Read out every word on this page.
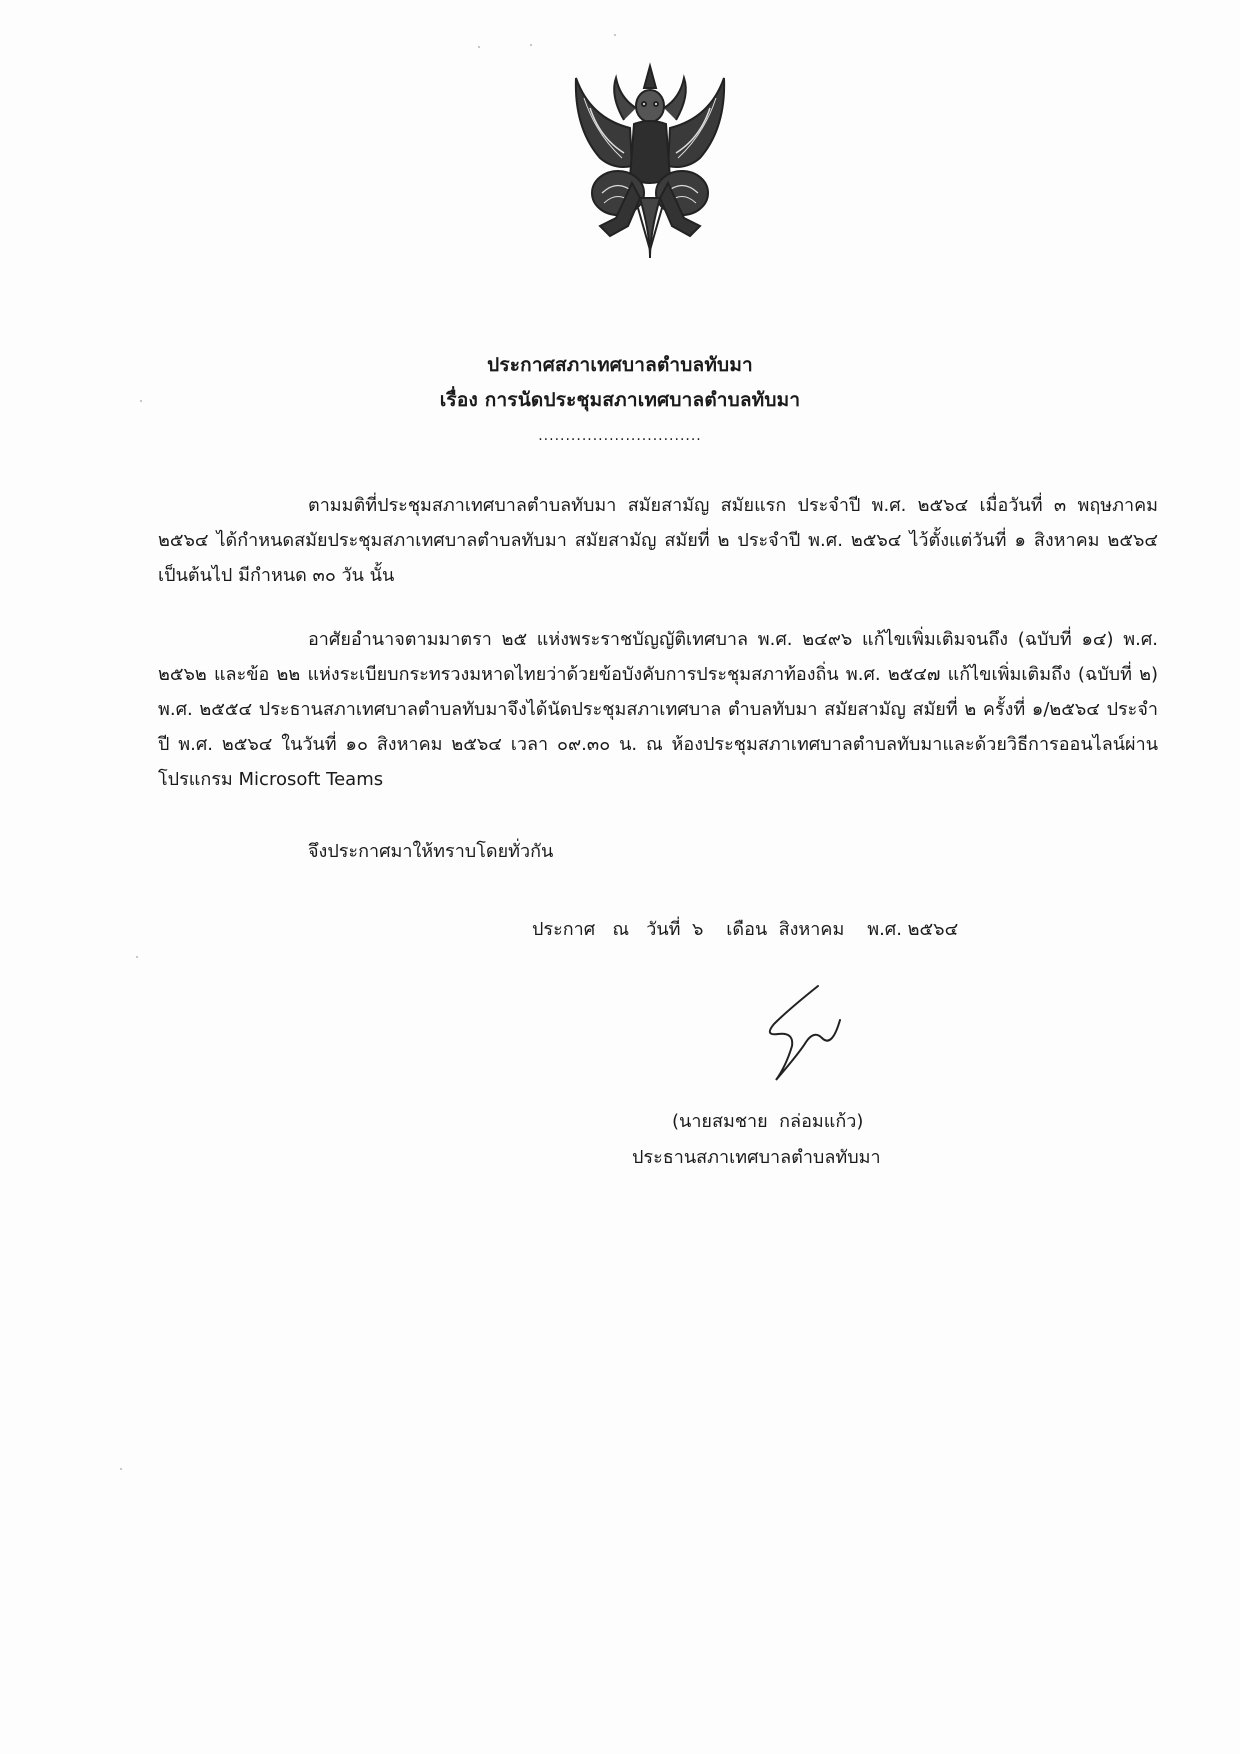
ประกาศสภาเทศบาลตำบลทับมา
เรื่อง การนัดประชุมสภาเทศบาลตำบลทับมา
..............................
ตามมติที่ประชุมสภาเทศบาลตำบลทับมา สมัยสามัญ สมัยแรก ประจำปี พ.ศ. ๒๕๖๔ เมื่อวันที่ ๓ พฤษภาคม ๒๕๖๔ ได้กำหนดสมัยประชุมสภาเทศบาลตำบลทับมา สมัยสามัญ สมัยที่ ๒ ประจำปี พ.ศ. ๒๕๖๔ ไว้ตั้งแต่วันที่ ๑ สิงหาคม ๒๕๖๔ เป็นต้นไป มีกำหนด ๓๐ วัน นั้น
อาศัยอำนาจตามมาตรา ๒๕ แห่งพระราชบัญญัติเทศบาล พ.ศ. ๒๔๙๖ แก้ไขเพิ่มเติมจนถึง (ฉบับที่ ๑๔) พ.ศ. ๒๕๖๒ และข้อ ๒๒ แห่งระเบียบกระทรวงมหาดไทยว่าด้วยข้อบังคับการประชุมสภาท้องถิ่น พ.ศ. ๒๕๔๗ แก้ไขเพิ่มเติมถึง (ฉบับที่ ๒) พ.ศ. ๒๕๕๔ ประธานสภาเทศบาลตำบลทับมาจึงได้นัดประชุมสภาเทศบาล ตำบลทับมา สมัยสามัญ สมัยที่ ๒ ครั้งที่ ๑/๒๕๖๔ ประจำปี พ.ศ. ๒๕๖๔ ในวันที่ ๑๐ สิงหาคม ๒๕๖๔ เวลา ๐๙.๓๐ น. ณ ห้องประชุมสภาเทศบาลตำบลทับมาและด้วยวิธีการออนไลน์ผ่านโปรแกรม Microsoft Teams
จึงประกาศมาให้ทราบโดยทั่วกัน
ประกาศ   ณ   วันที่  ๖    เดือน  สิงหาคม    พ.ศ. ๒๕๖๔
(นายสมชาย  กล่อมแก้ว)
ประธานสภาเทศบาลตำบลทับมา
